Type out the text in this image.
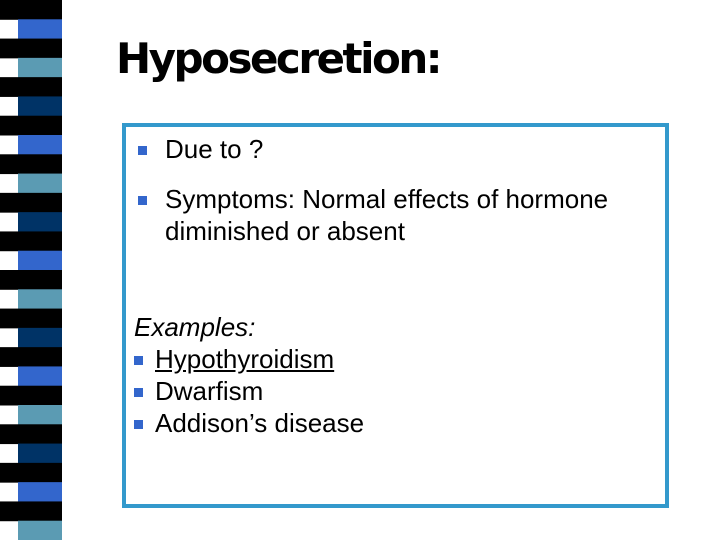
Hyposecretion:
Due to ?
Symptoms: Normal effects of hormone diminished or absent
Examples:
Hypothyroidism
Dwarfism
Addison’s disease
